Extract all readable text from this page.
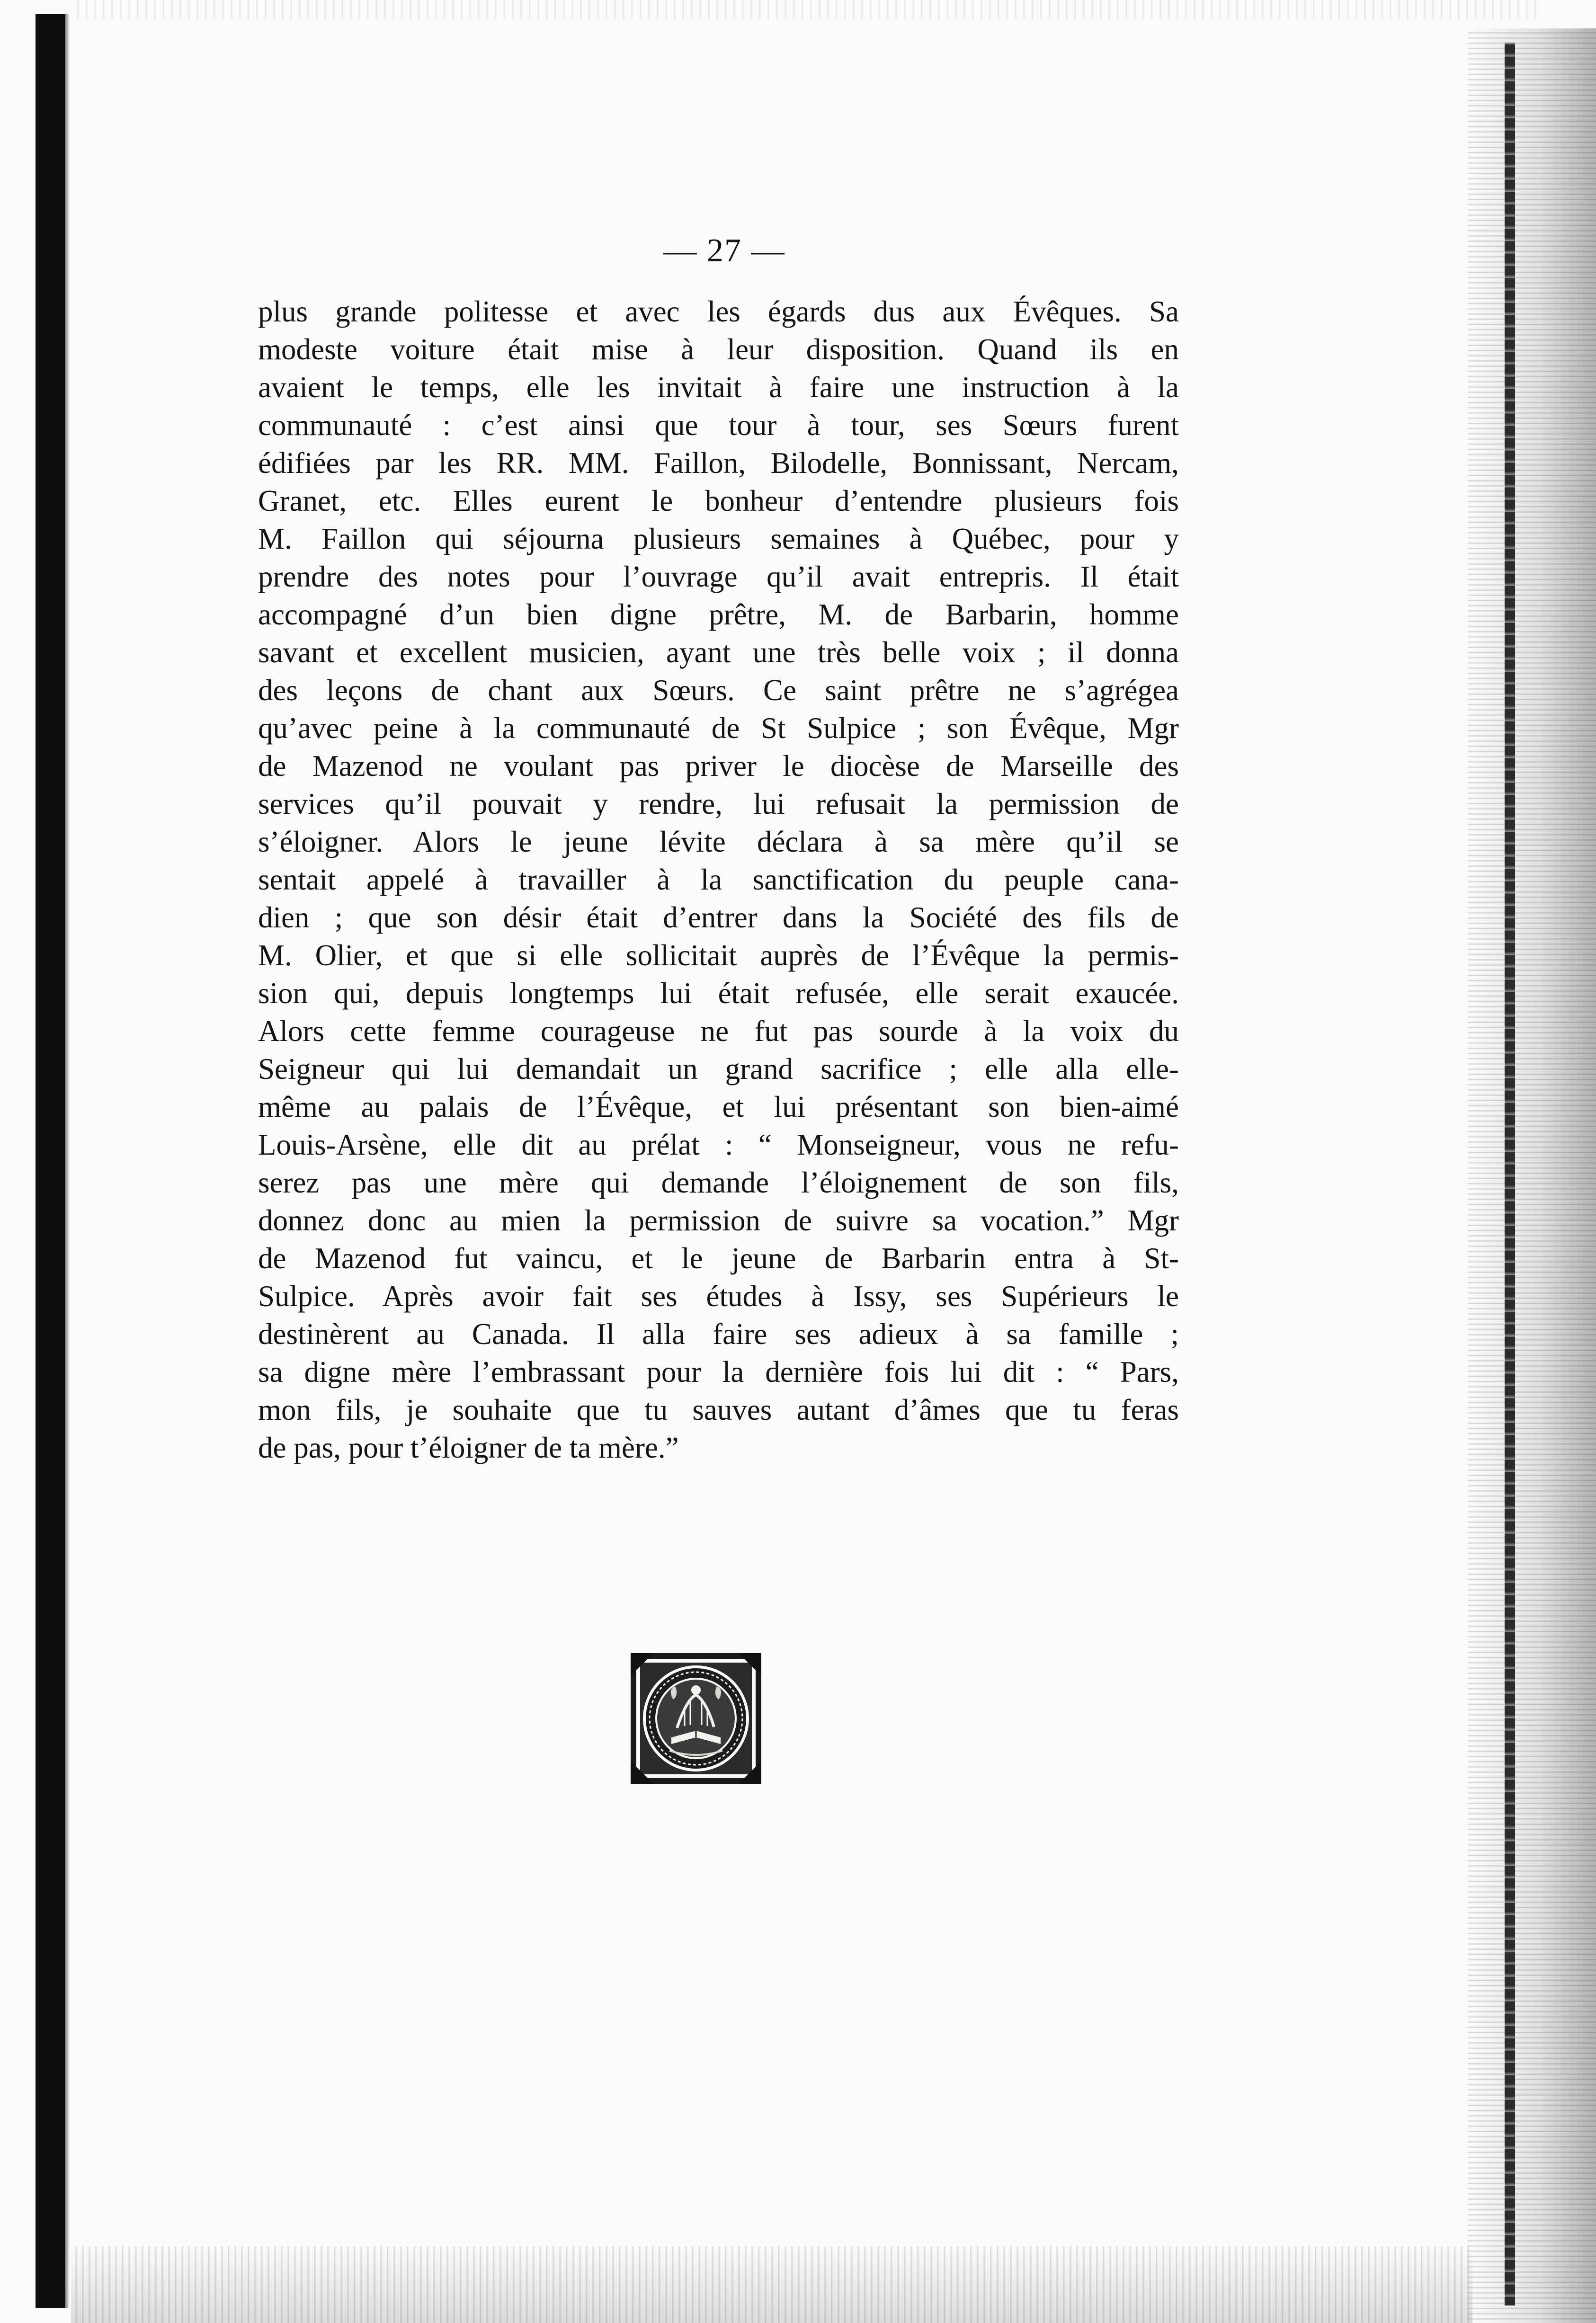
— 27 —
plus grande politesse et avec les égards dus aux Évêques. Sa
modeste voiture était mise à leur disposition. Quand ils en
avaient le temps, elle les invitait à faire une instruction à la
communauté : c’est ainsi que tour à tour, ses Sœurs furent
édifiées par les RR. MM. Faillon, Bilodelle, Bonnissant, Nercam,
Granet, etc. Elles eurent le bonheur d’entendre plusieurs fois
M. Faillon qui séjourna plusieurs semaines à Québec, pour y
prendre des notes pour l’ouvrage qu’il avait entrepris. Il était
accompagné d’un bien digne prêtre, M. de Barbarin, homme
savant et excellent musicien, ayant une très belle voix ; il donna
des leçons de chant aux Sœurs. Ce saint prêtre ne s’agrégea
qu’avec peine à la communauté de St Sulpice ; son Évêque, Mgr
de Mazenod ne voulant pas priver le diocèse de Marseille des
services qu’il pouvait y rendre, lui refusait la permission de
s’éloigner. Alors le jeune lévite déclara à sa mère qu’il se
sentait appelé à travailler à la sanctification du peuple cana-
dien ; que son désir était d’entrer dans la Société des fils de
M. Olier, et que si elle sollicitait auprès de l’Évêque la permis-
sion qui, depuis longtemps lui était refusée, elle serait exaucée.
Alors cette femme courageuse ne fut pas sourde à la voix du
Seigneur qui lui demandait un grand sacrifice ; elle alla elle-
même au palais de l’Évêque, et lui présentant son bien-aimé
Louis-Arsène, elle dit au prélat : “ Monseigneur, vous ne refu-
serez pas une mère qui demande l’éloignement de son fils,
donnez donc au mien la permission de suivre sa vocation.” Mgr
de Mazenod fut vaincu, et le jeune de Barbarin entra à St-
Sulpice. Après avoir fait ses études à Issy, ses Supérieurs le
destinèrent au Canada. Il alla faire ses adieux à sa famille ;
sa digne mère l’embrassant pour la dernière fois lui dit : “ Pars,
mon fils, je souhaite que tu sauves autant d’âmes que tu feras
de pas, pour t’éloigner de ta mère.”
